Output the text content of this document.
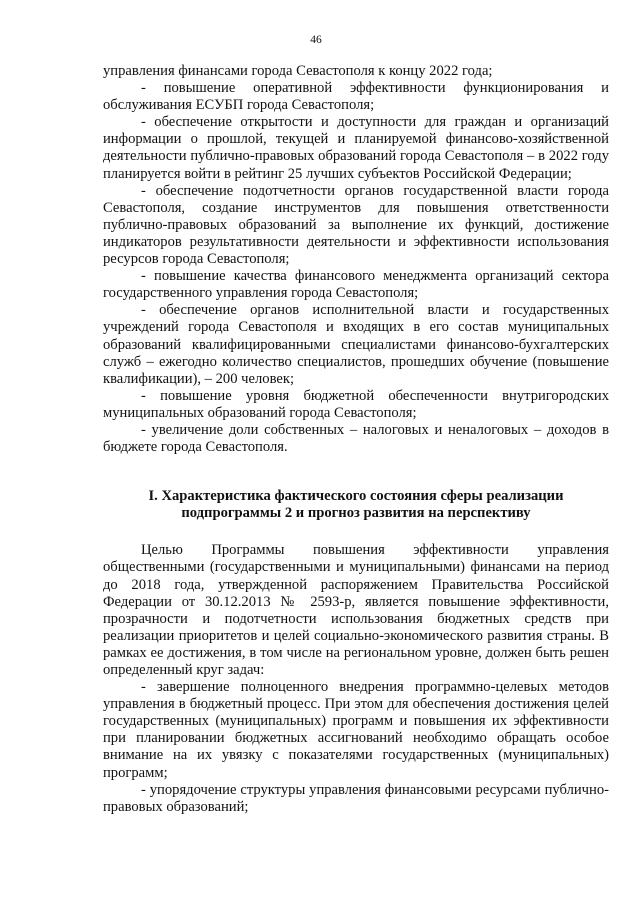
46

управления финансами города Севастополя к концу 2022 года;

- повышение оперативной эффективности функционирования и обслуживания ЕСУБП города Севастополя;

- обеспечение открытости и доступности для граждан и организаций информации о прошлой, текущей и планируемой финансово-хозяйственной деятельности публично-правовых образований города Севастополя – в 2022 году планируется войти в рейтинг 25 лучших субъектов Российской Федерации;

- обеспечение подотчетности органов государственной власти города Севастополя, создание инструментов для повышения ответственности публично-правовых образований за выполнение их функций, достижение индикаторов результативности деятельности и эффективности использования ресурсов города Севастополя;

- повышение качества финансового менеджмента организаций сектора государственного управления города Севастополя;

- обеспечение органов исполнительной власти и государственных учреждений города Севастополя и входящих в его состав муниципальных образований квалифицированными специалистами финансово-бухгалтерских служб – ежегодно количество специалистов, прошедших обучение (повышение квалификации), – 200 человек;

- повышение уровня бюджетной обеспеченности внутригородских муниципальных образований города Севастополя;

- увеличение доли собственных – налоговых и неналоговых – доходов в бюджете города Севастополя.

I. Характеристика фактического состояния сферы реализации подпрограммы 2 и прогноз развития на перспективу

Целью Программы повышения эффективности управления общественными (государственными и муниципальными) финансами на период до 2018 года, утвержденной распоряжением Правительства Российской Федерации от 30.12.2013 № 2593-р, является повышение эффективности, прозрачности и подотчетности использования бюджетных средств при реализации приоритетов и целей социально-экономического развития страны. В рамках ее достижения, в том числе на региональном уровне, должен быть решен определенный круг задач:

- завершение полноценного внедрения программно-целевых методов управления в бюджетный процесс. При этом для обеспечения достижения целей государственных (муниципальных) программ и повышения их эффективности при планировании бюджетных ассигнований необходимо обращать особое внимание на их увязку с показателями государственных (муниципальных) программ;

- упорядочение структуры управления финансовыми ресурсами публично-правовых образований;
